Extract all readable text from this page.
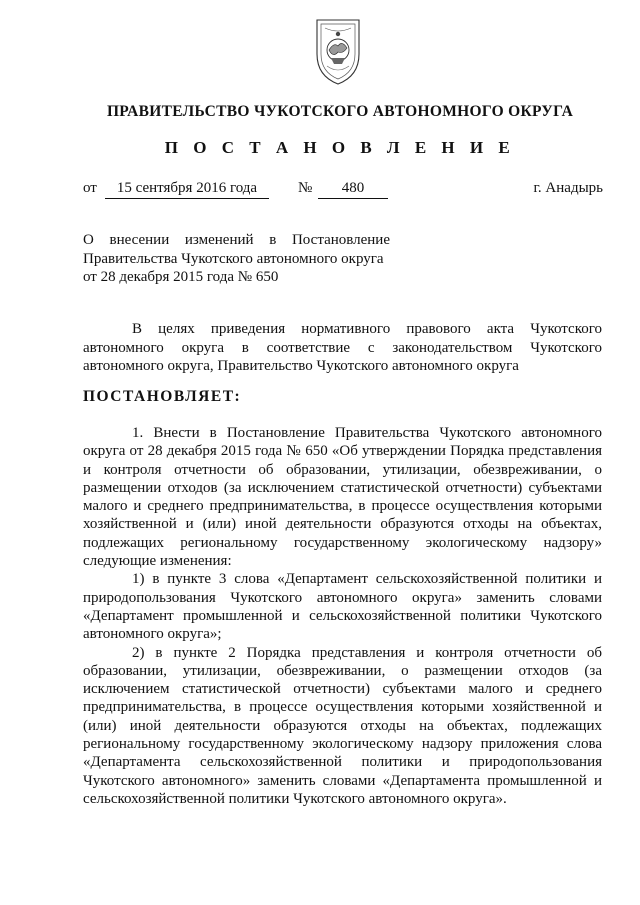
ПРАВИТЕЛЬСТВО ЧУКОТСКОГО АВТОНОМНОГО ОКРУГА
П О С Т А Н О В Л Е Н И Е
от	15 сентября 2016 года	№	480	г. Анадырь
О внесении изменений в Постановление
Правительства Чукотского автономного округа
от 28 декабря 2015 года № 650

В целях приведения нормативного правового акта Чукотского автономного округа в соответствие с законодательством Чукотского автономного округа, Правительство Чукотского автономного округа

ПОСТАНОВЛЯЕТ:

1. Внести в Постановление Правительства Чукотского автономного округа от 28 декабря 2015 года № 650 «Об утверждении Порядка представления и контроля отчетности об образовании, утилизации, обезвреживании, о размещении отходов (за исключением статистической отчетности) субъектами малого и среднего предпринимательства, в процессе осуществления которыми хозяйственной и (или) иной деятельности образуются отходы на объектах, подлежащих региональному государственному экологическому надзору» следующие изменения:

1) в пункте 3 слова «Департамент сельскохозяйственной политики и природопользования Чукотского автономного округа» заменить словами «Департамент промышленной и сельскохозяйственной политики Чукотского автономного округа»;

2) в пункте 2 Порядка представления и контроля отчетности об образовании, утилизации, обезвреживании, о размещении отходов (за исключением статистической отчетности) субъектами малого и среднего предпринимательства, в процессе осуществления которыми хозяйственной и (или) иной деятельности образуются отходы на объектах, подлежащих региональному государственному экологическому надзору приложения слова «Департамента сельскохозяйственной политики и природопользования Чукотского автономного» заменить словами «Департамента промышленной и сельскохозяйственной политики Чукотского автономного округа».
